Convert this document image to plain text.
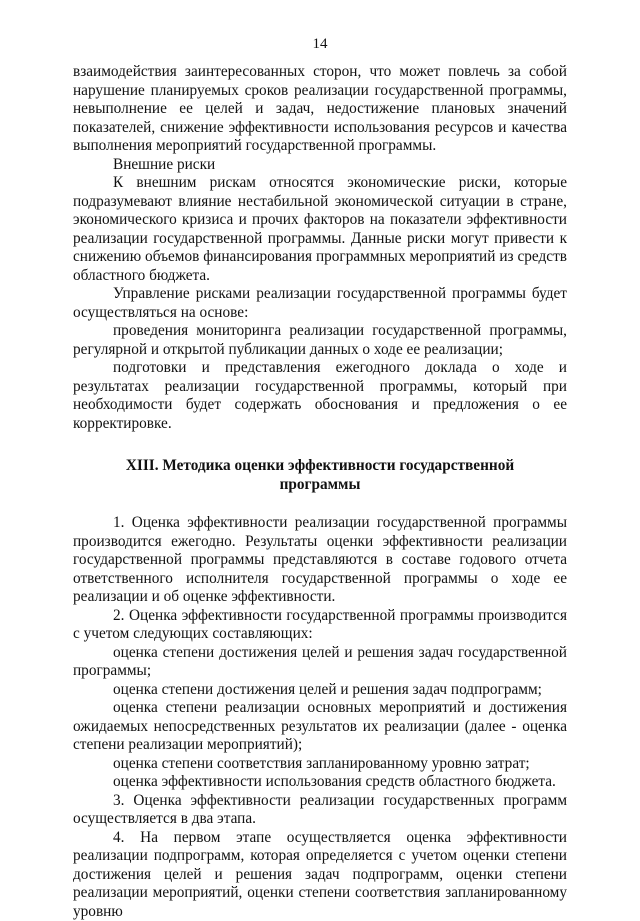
14

взаимодействия заинтересованных сторон, что может повлечь за собой нарушение планируемых сроков реализации государственной программы, невыполнение ее целей и задач, недостижение плановых значений показателей, снижение эффективности использования ресурсов и качества выполнения мероприятий государственной программы.

Внешние риски

К внешним рискам относятся экономические риски, которые подразумевают влияние нестабильной экономической ситуации в стране, экономического кризиса и прочих факторов на показатели эффективности реализации государственной программы. Данные риски могут привести к снижению объемов финансирования программных мероприятий из средств областного бюджета.

Управление рисками реализации государственной программы будет осуществляться на основе:

проведения мониторинга реализации государственной программы, регулярной и открытой публикации данных о ходе ее реализации;

подготовки и представления ежегодного доклада о ходе и результатах реализации государственной программы, который при необходимости будет содержать обоснования и предложения о ее корректировке.

XIII. Методика оценки эффективности государственной программы

1. Оценка эффективности реализации государственной программы производится ежегодно. Результаты оценки эффективности реализации государственной программы представляются в составе годового отчета ответственного исполнителя государственной программы о ходе ее реализации и об оценке эффективности.

2. Оценка эффективности государственной программы производится с учетом следующих составляющих:

оценка степени достижения целей и решения задач государственной программы;

оценка степени достижения целей и решения задач подпрограмм;

оценка степени реализации основных мероприятий и достижения ожидаемых непосредственных результатов их реализации (далее - оценка степени реализации мероприятий);

оценка степени соответствия запланированному уровню затрат;

оценка эффективности использования средств областного бюджета.

3. Оценка эффективности реализации государственных программ осуществляется в два этапа.

4. На первом этапе осуществляется оценка эффективности реализации подпрограмм, которая определяется с учетом оценки степени достижения целей и решения задач подпрограмм, оценки степени реализации мероприятий, оценки степени соответствия запланированному уровню
